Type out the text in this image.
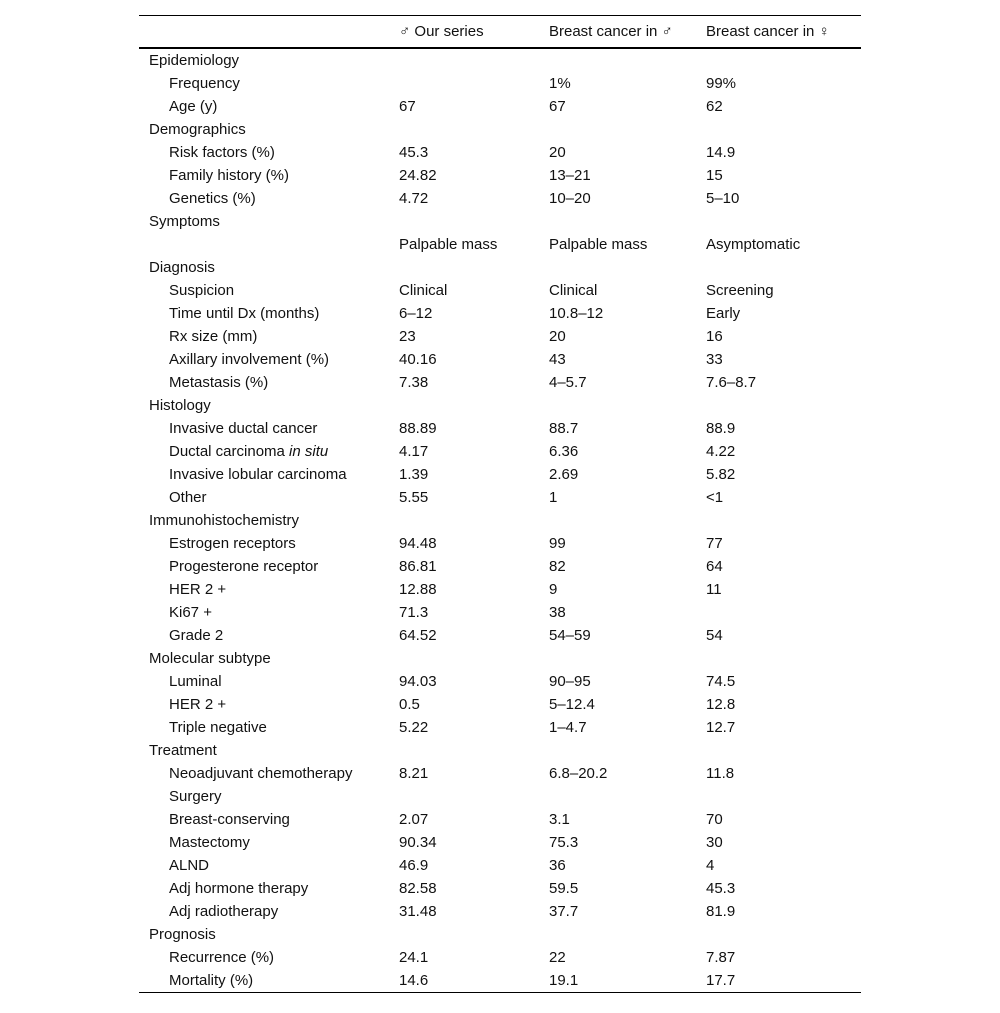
	♂ Our series	Breast cancer in ♂	Breast cancer in ♀
Epidemiology			
Frequency		1%	99%
Age (y)	67	67	62
Demographics			
Risk factors (%)	45.3	20	14.9
Family history (%)	24.82	13–21	15
Genetics (%)	4.72	10–20	5–10
Symptoms			
	Palpable mass	Palpable mass	Asymptomatic
Diagnosis			
Suspicion	Clinical	Clinical	Screening
Time until Dx (months)	6–12	10.8–12	Early
Rx size (mm)	23	20	16
Axillary involvement (%)	40.16	43	33
Metastasis (%)	7.38	4–5.7	7.6–8.7
Histology			
Invasive ductal cancer	88.89	88.7	88.9
Ductal carcinoma in situ	4.17	6.36	4.22
Invasive lobular carcinoma	1.39	2.69	5.82
Other	5.55	1	<1
Immunohistochemistry			
Estrogen receptors	94.48	99	77
Progesterone receptor	86.81	82	64
HER 2 +	12.88	9	11
Ki67 +	71.3	38	
Grade 2	64.52	54–59	54
Molecular subtype			
Luminal	94.03	90–95	74.5
HER 2 +	0.5	5–12.4	12.8
Triple negative	5.22	1–4.7	12.7
Treatment			
Neoadjuvant chemotherapy	8.21	6.8–20.2	11.8
Surgery			
Breast-conserving	2.07	3.1	70
Mastectomy	90.34	75.3	30
ALND	46.9	36	4
Adj hormone therapy	82.58	59.5	45.3
Adj radiotherapy	31.48	37.7	81.9
Prognosis			
Recurrence (%)	24.1	22	7.87
Mortality (%)	14.6	19.1	17.7
